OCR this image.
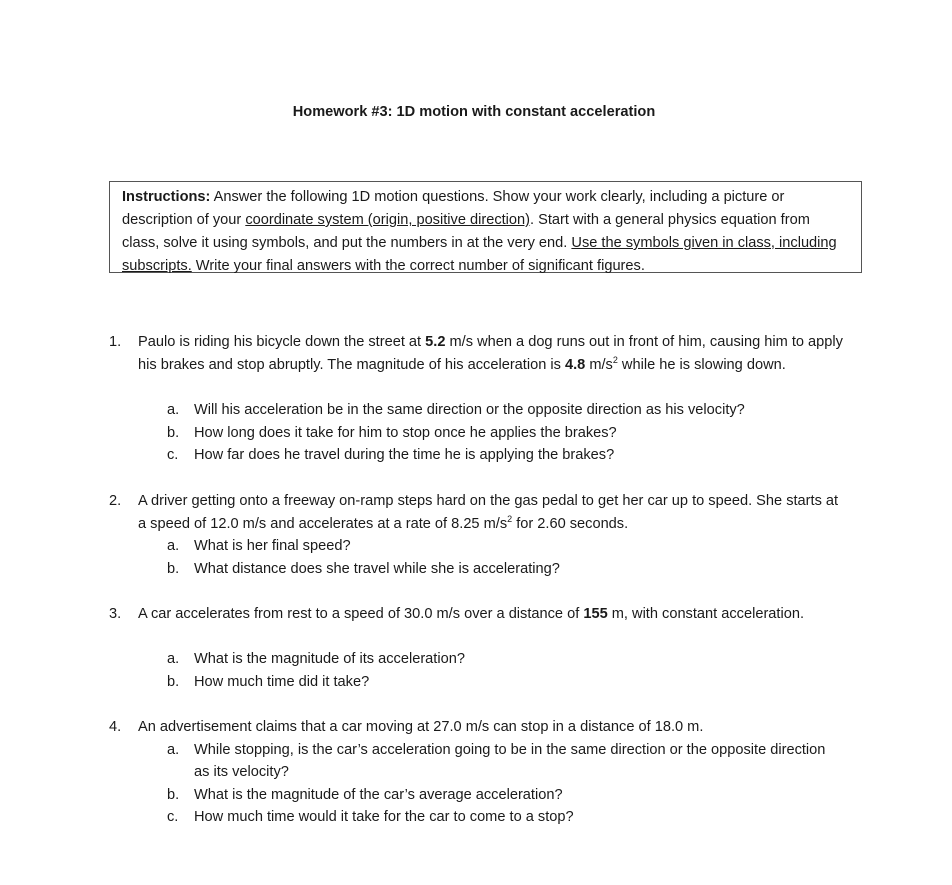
Homework #3: 1D motion with constant acceleration
Instructions: Answer the following 1D motion questions. Show your work clearly, including a picture or description of your coordinate system (origin, positive direction). Start with a general physics equation from class, solve it using symbols, and put the numbers in at the very end. Use the symbols given in class, including subscripts. Write your final answers with the correct number of significant figures.
1. Paulo is riding his bicycle down the street at 5.2 m/s when a dog runs out in front of him, causing him to apply his brakes and stop abruptly. The magnitude of his acceleration is 4.8 $m/s^2$ while he is slowing down.
a. Will his acceleration be in the same direction or the opposite direction as his velocity?
b. How long does it take for him to stop once he applies the brakes?
c. How far does he travel during the time he is applying the brakes?
2. A driver getting onto a freeway on-ramp steps hard on the gas pedal to get her car up to speed. She starts at a speed of 12.0 m/s and accelerates at a rate of 8.25 $m/s^2$ for 2.60 seconds.
a. What is her final speed?
b. What distance does she travel while she is accelerating?
3. A car accelerates from rest to a speed of 30.0 m/s over a distance of 155 m, with constant acceleration.
a. What is the magnitude of its acceleration?
b. How much time did it take?
4. An advertisement claims that a car moving at 27.0 m/s can stop in a distance of 18.0 m.
a. While stopping, is the car’s acceleration going to be in the same direction or the opposite direction as its velocity?
b. What is the magnitude of the car’s average acceleration?
c. How much time would it take for the car to come to a stop?
